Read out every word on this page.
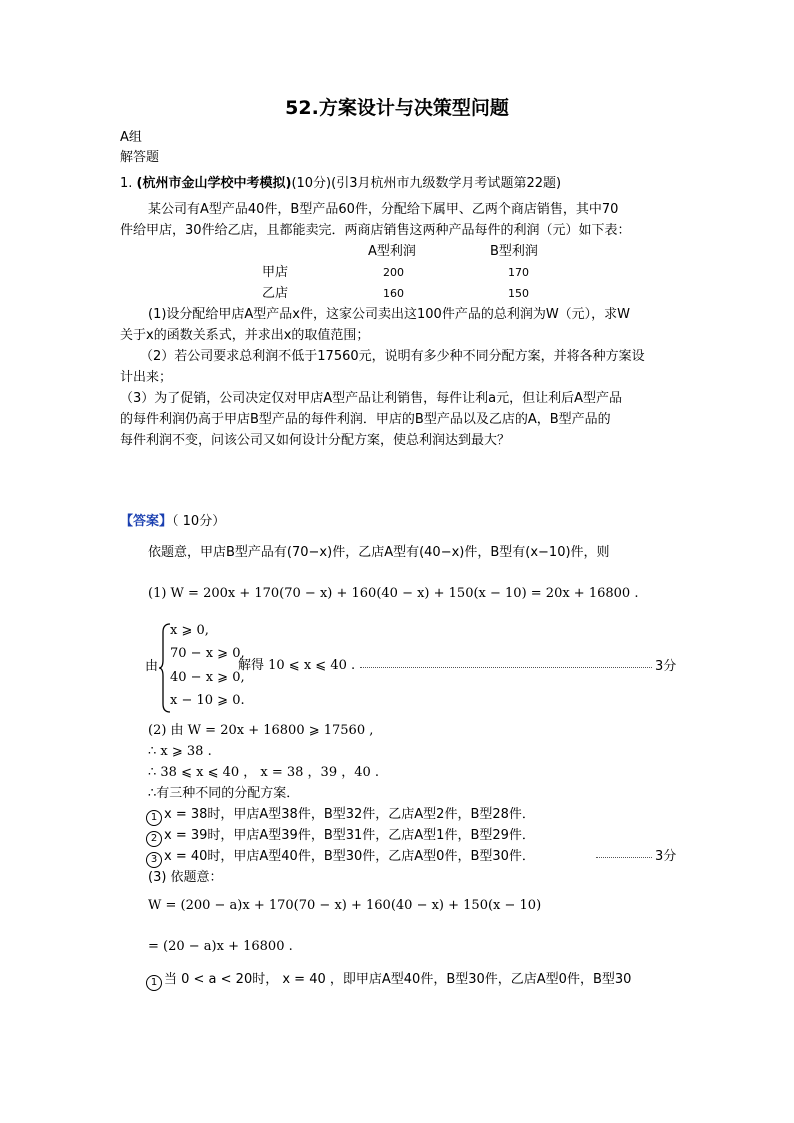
52.方案设计与决策型问题
A组
解答题
1. (杭州市金山学校中考模拟)(10分)(引3月杭州市九级数学月考试题第22题)
某公司有A型产品40件，B型产品60件，分配给下属甲、乙两个商店销售，其中70
件给甲店，30件给乙店，且都能卖完．两商店销售这两种产品每件的利润（元）如下表：
A型利润	B型利润
甲店	200	170
乙店	160	150
(1)设分配给甲店A型产品x件，这家公司卖出这100件产品的总利润为W（元），求W
关于x的函数关系式，并求出x的取值范围；
（2）若公司要求总利润不低于17560元，说明有多少种不同分配方案，并将各种方案设
计出来；
（3）为了促销，公司决定仅对甲店A型产品让利销售，每件让利a元，但让利后A型产品
的每件利润仍高于甲店B型产品的每件利润．甲店的B型产品以及乙店的A，B型产品的
每件利润不变，问该公司又如何设计分配方案，使总利润达到最大？
【答案】（ 10分）
依题意，甲店B型产品有(70−x)件，乙店A型有(40−x)件，B型有(x−10)件，则
(1) W = 200x + 170(70 − x) + 160(40 − x) + 150(x − 10) = 20x + 16800 .
由
x ⩾ 0,
70 − x ⩾ 0,
40 − x ⩾ 0,
x − 10 ⩾ 0.
解得 10 ⩽ x ⩽ 40 .	3分
(2) 由 W = 20x + 16800 ⩾ 17560 ,
∴ x ⩾ 38 .
∴ 38 ⩽ x ⩽ 40 ， x = 38 ，39 ，40 .
∴有三种不同的分配方案．
1 x = 38时，甲店A型38件，B型32件，乙店A型2件，B型28件．
2 x = 39时，甲店A型39件，B型31件，乙店A型1件，B型29件．
3 x = 40时，甲店A型40件，B型30件，乙店A型0件，B型30件．	3分
(3) 依题意：
W = (200 − a)x + 170(70 − x) + 160(40 − x) + 150(x − 10)
= (20 − a)x + 16800 .
1 当 0 < a < 20时， x = 40 ，即甲店A型40件，B型30件，乙店A型0件，B型30
